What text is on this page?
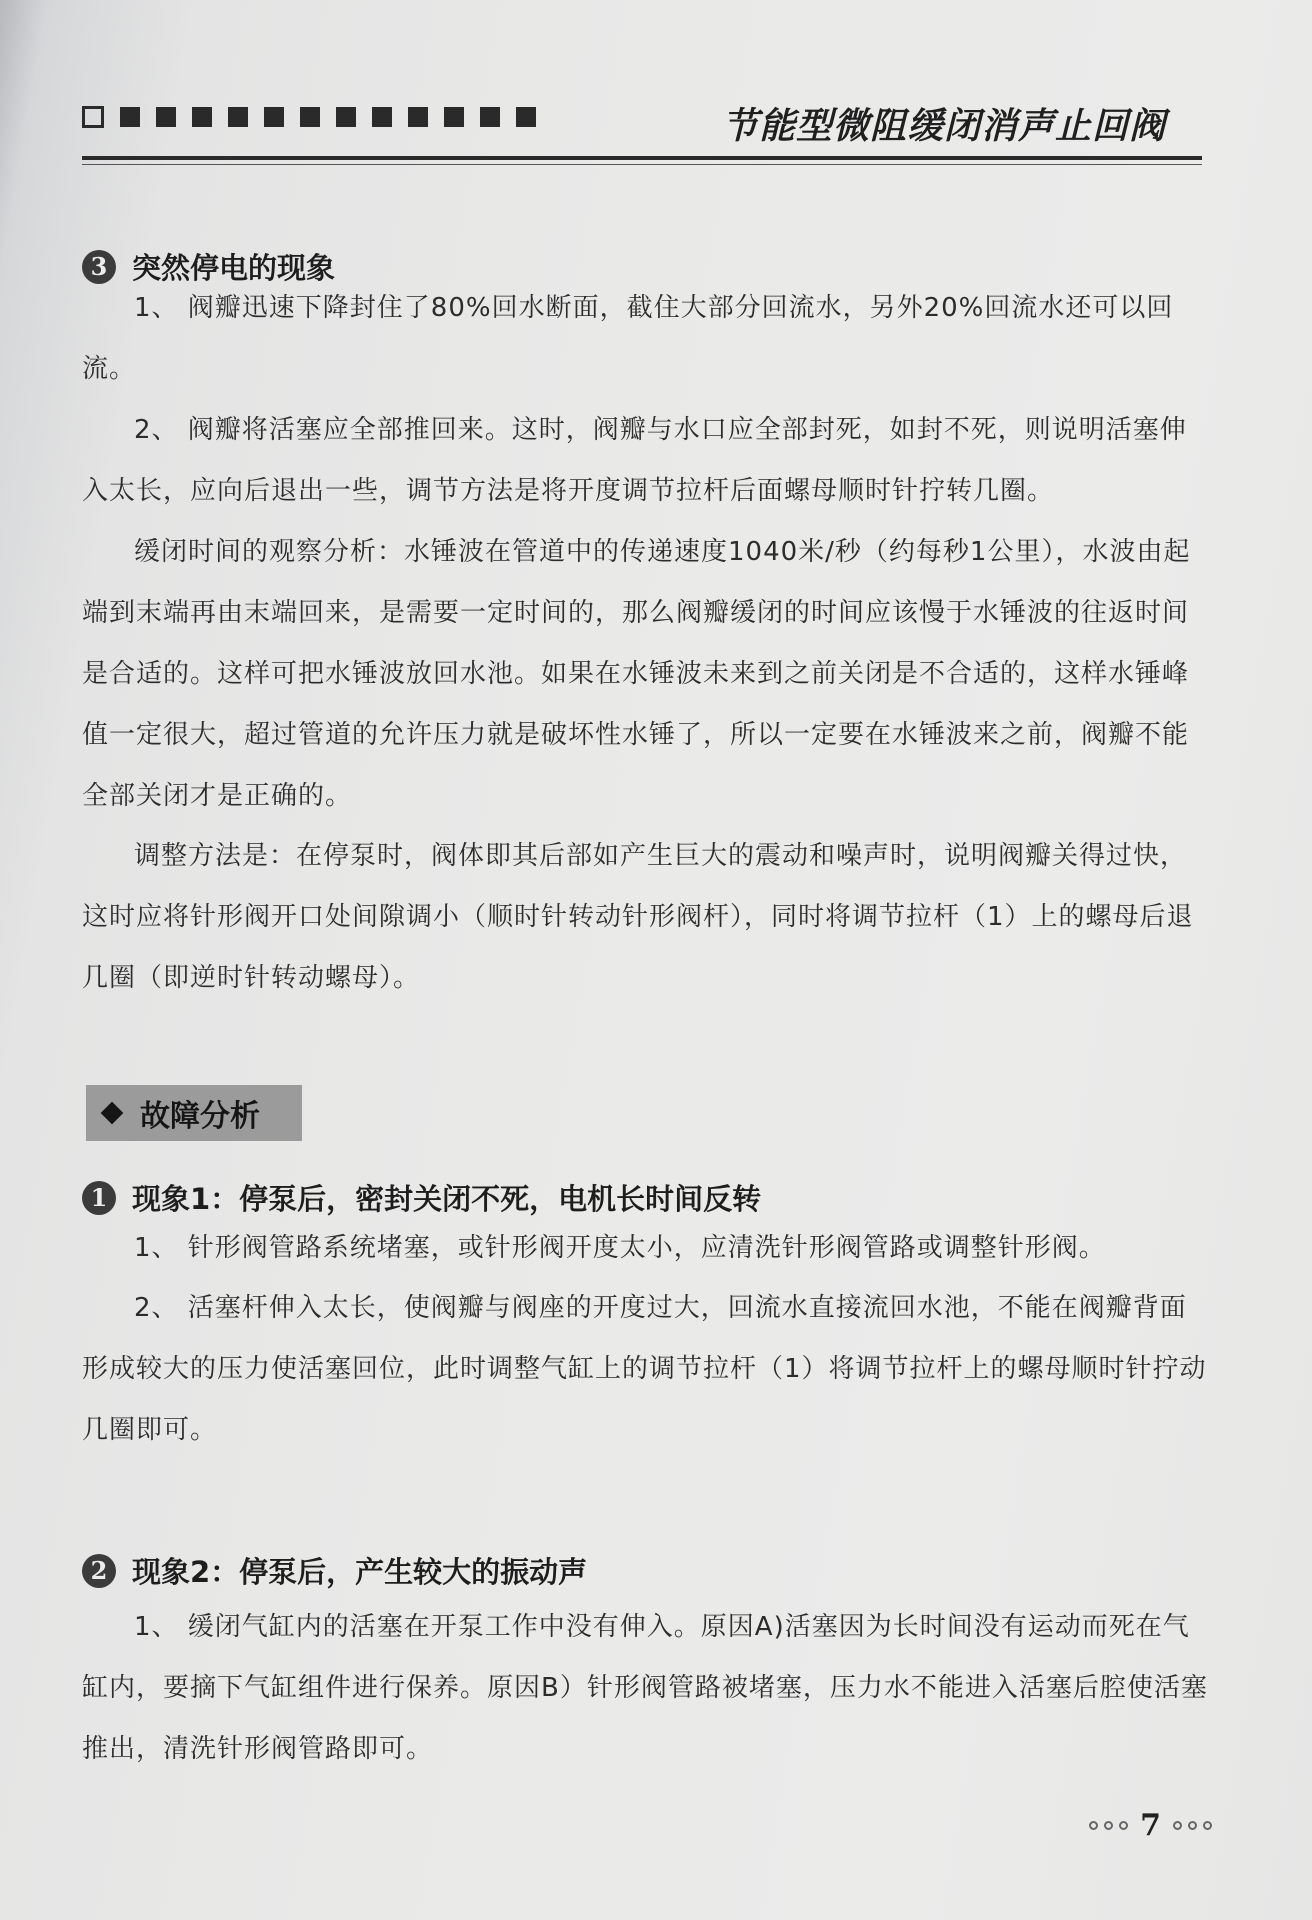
节能型微阻缓闭消声止回阀
3 突然停电的现象

1、 阀瓣迅速下降封住了80%回水断面，截住大部分回流水，另外20%回流水还可以回流。

2、 阀瓣将活塞应全部推回来。这时，阀瓣与水口应全部封死，如封不死，则说明活塞伸入太长，应向后退出一些，调节方法是将开度调节拉杆后面螺母顺时针拧转几圈。

缓闭时间的观察分析：水锤波在管道中的传递速度1040米/秒（约每秒1公里），水波由起端到末端再由末端回来，是需要一定时间的，那么阀瓣缓闭的时间应该慢于水锤波的往返时间是合适的。这样可把水锤波放回水池。如果在水锤波未来到之前关闭是不合适的，这样水锤峰值一定很大，超过管道的允许压力就是破坏性水锤了，所以一定要在水锤波来之前，阀瓣不能全部关闭才是正确的。

调整方法是：在停泵时，阀体即其后部如产生巨大的震动和噪声时，说明阀瓣关得过快，这时应将针形阀开口处间隙调小（顺时针转动针形阀杆），同时将调节拉杆（1）上的螺母后退几圈（即逆时针转动螺母）。

故障分析
1 现象1：停泵后，密封关闭不死，电机长时间反转

1、 针形阀管路系统堵塞，或针形阀开度太小，应清洗针形阀管路或调整针形阀。

2、 活塞杆伸入太长，使阀瓣与阀座的开度过大，回流水直接流回水池，不能在阀瓣背面形成较大的压力使活塞回位，此时调整气缸上的调节拉杆（1）将调节拉杆上的螺母顺时针拧动几圈即可。

2 现象2：停泵后，产生较大的振动声

1、 缓闭气缸内的活塞在开泵工作中没有伸入。原因A)活塞因为长时间没有运动而死在气缸内，要摘下气缸组件进行保养。原因B）针形阀管路被堵塞，压力水不能进入活塞后腔使活塞推出，清洗针形阀管路即可。

7
